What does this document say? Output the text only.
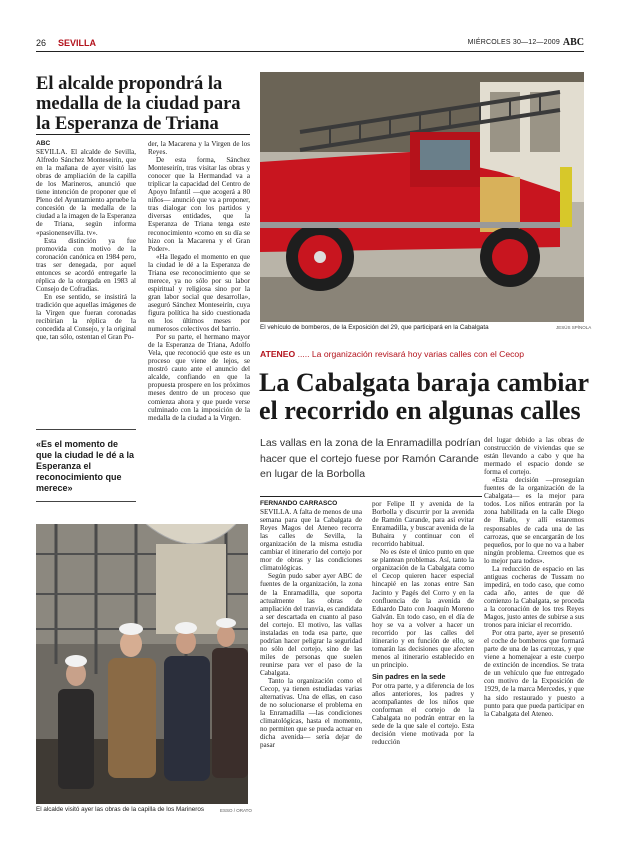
26 SEVILLA	MIÉRCOLES 30—12—2009 ABC
El alcalde propondrá la medalla de la ciudad para la Esperanza de Triana
ABC

SEVILLA. El alcalde de Sevilla, Alfredo Sánchez Monteseirín, que en la mañana de ayer visitó las obras de ampliación de la capilla de los Marineros, anunció que tiene intención de proponer que el Pleno del Ayuntamiento apruebe la concesión de la medalla de la ciudad a la imagen de la Esperanza de Triana, según informa «pasionensevilla. tv».

Esta distinción ya fue promovida con motivo de la coronación canónica en 1984 pero, tras ser denegada, por aquel entonces se acordó entregarle la réplica de la otorgada en 1983 al Consejo de Cofradías.

En ese sentido, se insistirá la tradición que aquellas imágenes de la Virgen que fueran coronadas recibirían la réplica de la concedida al Consejo, y la original que, tan sólo, ostentan el Gran Po-

«Es el momento de que la ciudad le dé a la Esperanza el reconocimiento que merece»

der, la Macarena y la Virgen de los Reyes.

De esta forma, Sánchez Monteseirín, tras visitar las obras y conocer que la Hermandad va a triplicar la capacidad del Centro de Apoyo Infantil —que acogerá a 80 niños— anunció que va a proponer, tras dialogar con los partidos y diversas entidades, que la Esperanza de Triana tenga este reconocimiento «como en su día se hizo con la Macarena y el Gran Poder».

«Ha llegado el momento en que la ciudad le dé a la Esperanza de Triana ese reconocimiento que se merece, ya no sólo por su labor espiritual y religiosa sino por la gran labor social que desarrolla», aseguró Sánchez Monteseirín, cuya figura política ha sido cuestionada en los últimos meses por numerosos colectivos del barrio.

Por su parte, el hermano mayor de la Esperanza de Triana, Adolfo Vela, que reconoció que este es un proceso que viene de lejos, se mostró cauto ante el anuncio del alcalde, confiando en que la propuesta prospere en los próximos meses dentro de un proceso que comienza ahora y que puede verse culminado con la imposición de la medalla de la ciudad a la Virgen.

El alcalde visitó ayer las obras de la capilla de los Marineros	ESSO / ORATO
El vehículo de bomberos, de la Exposición del 29, que participará en la Cabalgata	JESÚS SPÍNOLA
ATENEO ..... La organización revisará hoy varias calles con el Cecop
La Cabalgata baraja cambiar el recorrido en algunas calles
Las vallas en la zona de la Enramadilla podrían hacer que el cortejo fuese por Ramón Carande en lugar de la Borbolla
FERNANDO CARRASCO

SEVILLA. A falta de menos de una semana para que la Cabalgata de Reyes Magos del Ateneo recorra las calles de Sevilla, la organización de la misma estudia cambiar el itinerario del cortejo por mor de obras y las condiciones climatológicas.

Según pudo saber ayer ABC de fuentes de la organización, la zona de la Enramadilla, que soporta actualmente las obras de ampliación del tranvía, es candidata a ser descartada en cuanto al paso del cortejo. El motivo, las vallas instaladas en toda esa parte, que podrían hacer peligrar la seguridad no sólo del cortejo, sino de las miles de personas que suelen reunirse para ver el paso de la Cabalgata.

Tanto la organización como el Cecop, ya tienen estudiadas varias alternativas. Una de ellas, en caso de no solucionarse el problema en la Enramadilla —las condiciones climatológicas, hasta el momento, no permiten que se pueda actuar en dicha avenida— sería dejar de pasar

por Felipe II y avenida de la Borbolla y discurrir por la avenida de Ramón Carande, para así evitar Enramadilla, y buscar avenida de la Buhaira y continuar con el recorrido habitual.

No es éste el único punto en que se plantean problemas. Así, tanto la organización de la Cabalgata como el Cecop quieren hacer especial hincapié en las zonas entre San Jacinto y Pagés del Corro y en la confluencia de la avenida de Eduardo Dato con Joaquín Moreno Galván. En todo caso, en el día de hoy se va a volver a hacer un recorrido por las calles del itinerario y en función de ello, se tomarán las decisiones que afecten menos al itinerario establecido en un principio.

Sin padres en la sede

Por otra parte, y a diferencia de los años anteriores, los padres y acompañantes de los niños que conforman el cortejo de la Cabalgata no podrán entrar en la sede de la que sale el cortejo. Esta decisión viene motivada por la reducción

del lugar debido a las obras de construcción de viviendas que se están llevando a cabo y que ha mermado el espacio donde se forma el cortejo.

«Esta decisión —proseguían fuentes de la organización de la Cabalgata— es la mejor para todos. Los niños entrarán por la zona habilitada en la calle Diego de Riaño, y allí estaremos responsables de cada una de las carrozas, que se encargarán de los pequeños, por lo que no va a haber ningún problema. Creemos que es lo mejor para todos».

La reducción de espacio en las antiguas cocheras de Tussam no impedirá, en todo caso, que como cada año, antes de que dé comienzo la Cabalgata, se proceda a la coronación de los tres Reyes Magos, justo antes de subirse a sus tronos para iniciar el recorrido.

Por otra parte, ayer se presentó el coche de bomberos que formará parte de una de las carrozas, y que viene a homenajear a este cuerpo de extinción de incendios. Se trata de un vehículo que fue entregado con motivo de la Exposición de 1929, de la marca Mercedes, y que ha sido restaurado y puesto a punto para que pueda participar en la Cabalgata del Ateneo.
